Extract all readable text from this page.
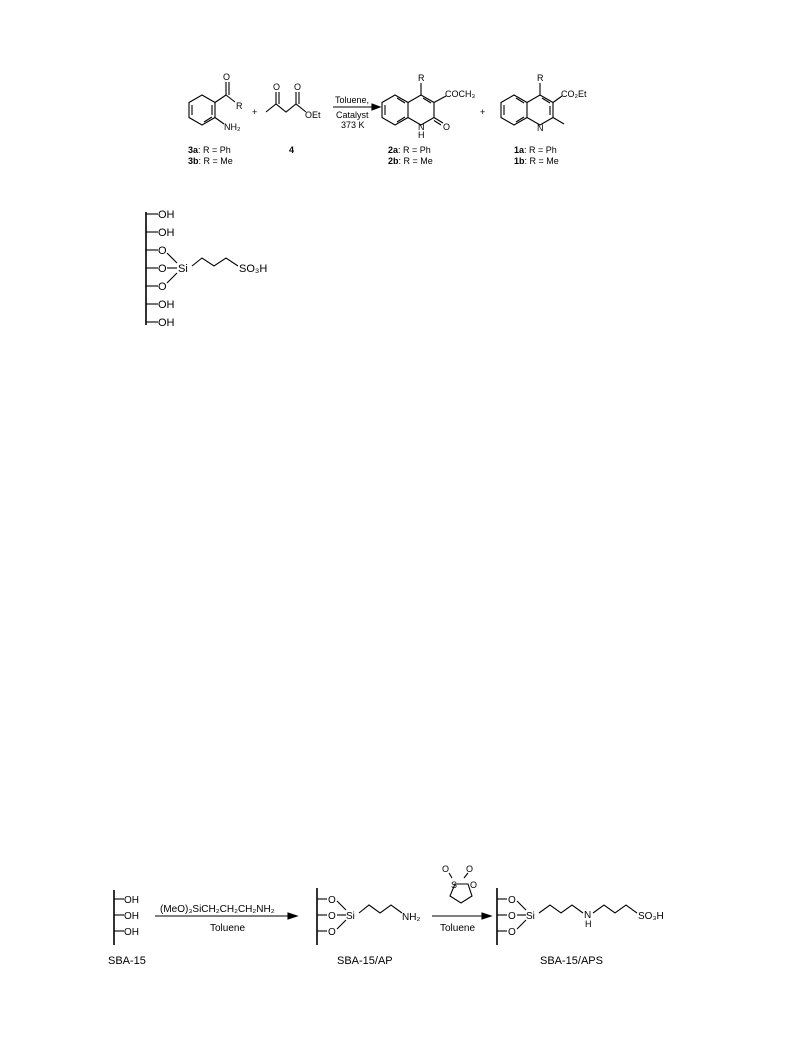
O
R
NH₂
+
O O
OEt
Toluene,
Catalyst
373 K
R
COCH₃
O
N
H
+
R
CO₂Et
N
3a: R = Ph
3b: R = Me
4	2a: R = Ph
2b: R = Me
1a: R = Ph
1b: R = Me
OH
OH
O
O
O
Si	SO₃H
OH
OH
OH
OH
OH
SBA-15
(MeO)₃SiCH₂CH₂CH₂NH₂
Toluene
O
O
O
Si	NH₂
SBA-15/AP
S
O O
O
Toluene
O
O
O
Si	N
H
SO₃H
SBA-15/APS
